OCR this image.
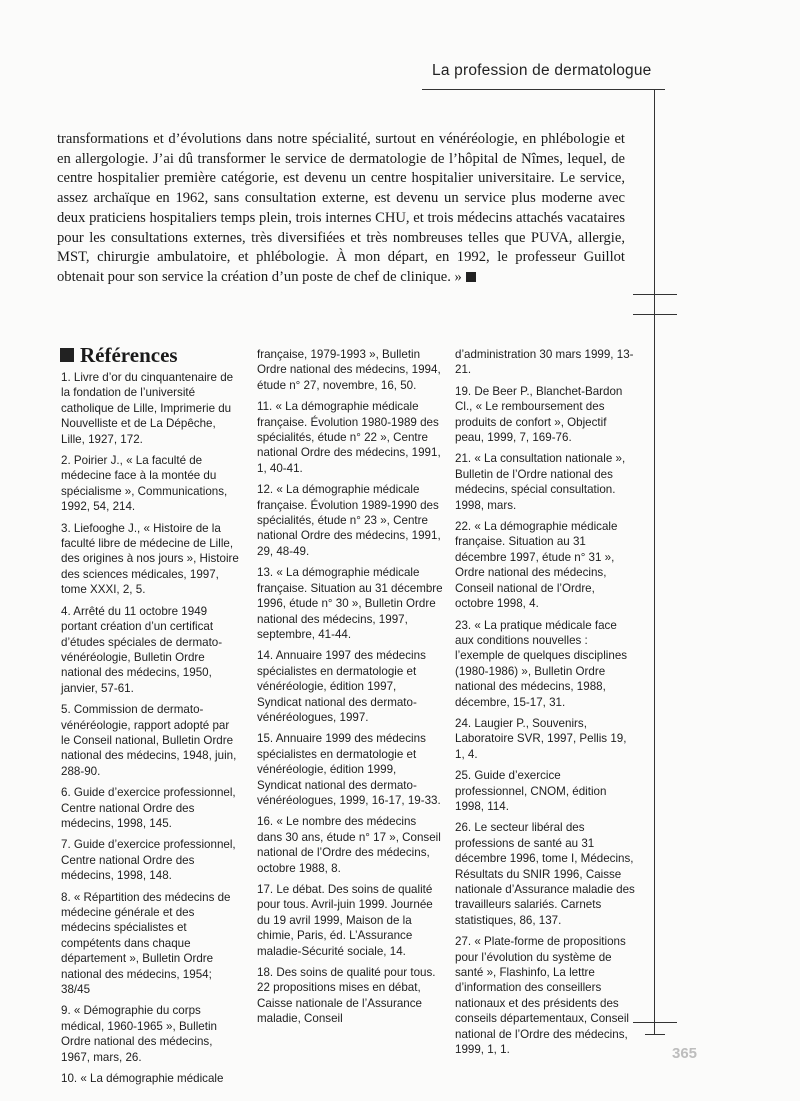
La profession de dermatologue
transformations et d’évolutions dans notre spécialité, surtout en vénéréologie, en phlébologie et en allergologie. J’ai dû transformer le service de dermatologie de l’hôpital de Nîmes, lequel, de centre hospitalier première catégorie, est devenu un centre hospitalier universitaire. Le service, assez archaïque en 1962, sans consultation externe, est devenu un service plus moderne avec deux praticiens hospitaliers temps plein, trois internes CHU, et trois médecins attachés vacataires pour les consultations externes, très diversifiées et très nombreuses telles que PUVA, allergie, MST, chirurgie ambulatoire, et phlébologie. À mon départ, en 1992, le professeur Guillot obtenait pour son service la création d’un poste de chef de clinique. »
Références
1. Livre d’or du cinquantenaire de la fondation de l’université catholique de Lille, Imprimerie du Nouvelliste et de La Dépêche, Lille, 1927, 172.
2. Poirier J., « La faculté de médecine face à la montée du spécialisme », Communications, 1992, 54, 214.
3. Liefooghe J., « Histoire de la faculté libre de médecine de Lille, des origines à nos jours », Histoire des sciences médicales, 1997, tome XXXI, 2, 5.
4. Arrêté du 11 octobre 1949 portant création d’un certificat d’études spéciales de dermato-vénéréologie, Bulletin Ordre national des médecins, 1950, janvier, 57-61.
5. Commission de dermato-vénéréologie, rapport adopté par le Conseil national, Bulletin Ordre national des médecins, 1948, juin, 288-90.
6. Guide d’exercice professionnel, Centre national Ordre des médecins, 1998, 145.
7. Guide d’exercice professionnel, Centre national Ordre des médecins, 1998, 148.
8. « Répartition des médecins de médecine générale et des médecins spécialistes et compétents dans chaque département », Bulletin Ordre national des médecins, 1954; 38/45
9. « Démographie du corps médical, 1960-1965 », Bulletin Ordre national des médecins, 1967, mars, 26.
10. « La démographie médicale
française, 1979-1993 », Bulletin Ordre national des médecins, 1994, étude n° 27, novembre, 16, 50.
11. « La démographie médicale française. Évolution 1980-1989 des spécialités, étude n° 22 », Centre national Ordre des médecins, 1991, 1, 40-41.
12. « La démographie médicale française. Évolution 1989-1990 des spécialités, étude n° 23 », Centre national Ordre des médecins, 1991, 29, 48-49.
13. « La démographie médicale française. Situation au 31 décembre 1996, étude n° 30 », Bulletin Ordre national des médecins, 1997, septembre, 41-44.
14. Annuaire 1997 des médecins spécialistes en dermatologie et vénéréologie, édition 1997, Syndicat national des dermato-vénéréologues, 1997.
15. Annuaire 1999 des médecins spécialistes en dermatologie et vénéréologie, édition 1999, Syndicat national des dermato-vénéréologues, 1999, 16-17, 19-33.
16. « Le nombre des médecins dans 30 ans, étude n° 17 », Conseil national de l’Ordre des médecins, octobre 1988, 8.
17. Le débat. Des soins de qualité pour tous. Avril-juin 1999. Journée du 19 avril 1999, Maison de la chimie, Paris, éd. L’Assurance maladie-Sécurité sociale, 14.
18. Des soins de qualité pour tous. 22 propositions mises en débat, Caisse nationale de l’Assurance maladie, Conseil
d’administration 30 mars 1999, 13-21.
19. De Beer P., Blanchet-Bardon Cl., « Le remboursement des produits de confort », Objectif peau, 1999, 7, 169-76.
21. « La consultation nationale », Bulletin de l’Ordre national des médecins, spécial consultation. 1998, mars.
22. « La démographie médicale française. Situation au 31 décembre 1997, étude n° 31 », Ordre national des médecins, Conseil national de l’Ordre, octobre 1998, 4.
23. « La pratique médicale face aux conditions nouvelles : l’exemple de quelques disciplines (1980-1986) », Bulletin Ordre national des médecins, 1988, décembre, 15-17, 31.
24. Laugier P., Souvenirs, Laboratoire SVR, 1997, Pellis 19, 1, 4.
25. Guide d’exercice professionnel, CNOM, édition 1998, 114.
26. Le secteur libéral des professions de santé au 31 décembre 1996, tome I, Médecins, Résultats du SNIR 1996, Caisse nationale d’Assurance maladie des travailleurs salariés. Carnets statistiques, 86, 137.
27. « Plate-forme de propositions pour l’évolution du système de santé », Flashinfo, La lettre d’information des conseillers nationaux et des présidents des conseils départementaux, Conseil national de l’Ordre des médecins, 1999, 1, 1.	365
